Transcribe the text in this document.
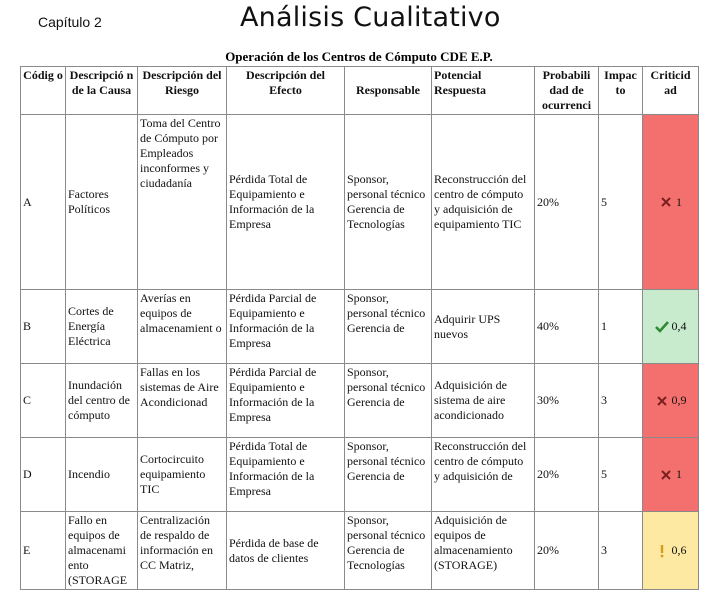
Capítulo 2	Análisis Cualitativo
Operación de los Centros de Cómputo CDE E.P.
Códig o	Descripció n de la Causa	Descripción del Riesgo	Descripción del Efecto	Responsable	Potencial Respuesta	Probabili dad de ocurrenci	Impac to	Criticid ad
A	Factores Políticos	Toma del Centro de Cómputo por Empleados inconformes y ciudadanía	Pérdida Total de Equipamiento e Información de la Empresa	Sponsor, personal técnico Gerencia de Tecnologías	Reconstrucción del centro de cómputo y adquisición de equipamiento TIC	20%	5	1

B	Cortes de Energía Eléctrica	Averías en equipos de almacenamient o	Pérdida Parcial de Equipamiento e Información de la Empresa	Sponsor, personal técnico Gerencia de	Adquirir UPS nuevos	40%	1	0,4

C	Inundación del centro de cómputo	Fallas en los sistemas de Aire Acondicionad	Pérdida Parcial de Equipamiento e Información de la Empresa	Sponsor, personal técnico Gerencia de	Adquisición de sistema de aire acondicionado	30%	3	0,9

D	Incendio	Cortocircuito equipamiento TIC	Pérdida Total de Equipamiento e Información de la Empresa	Sponsor, personal técnico Gerencia de	Reconstrucción del centro de cómputo y adquisición de	20%	5	1

E	Fallo en equipos de almacenami ento (STORAGE	Centralización de respaldo de información en CC Matriz,	Pérdida de base de datos de clientes	Sponsor, personal técnico Gerencia de Tecnologías	Adquisición de equipos de almacenamiento (STORAGE)	20%	3	0,6
